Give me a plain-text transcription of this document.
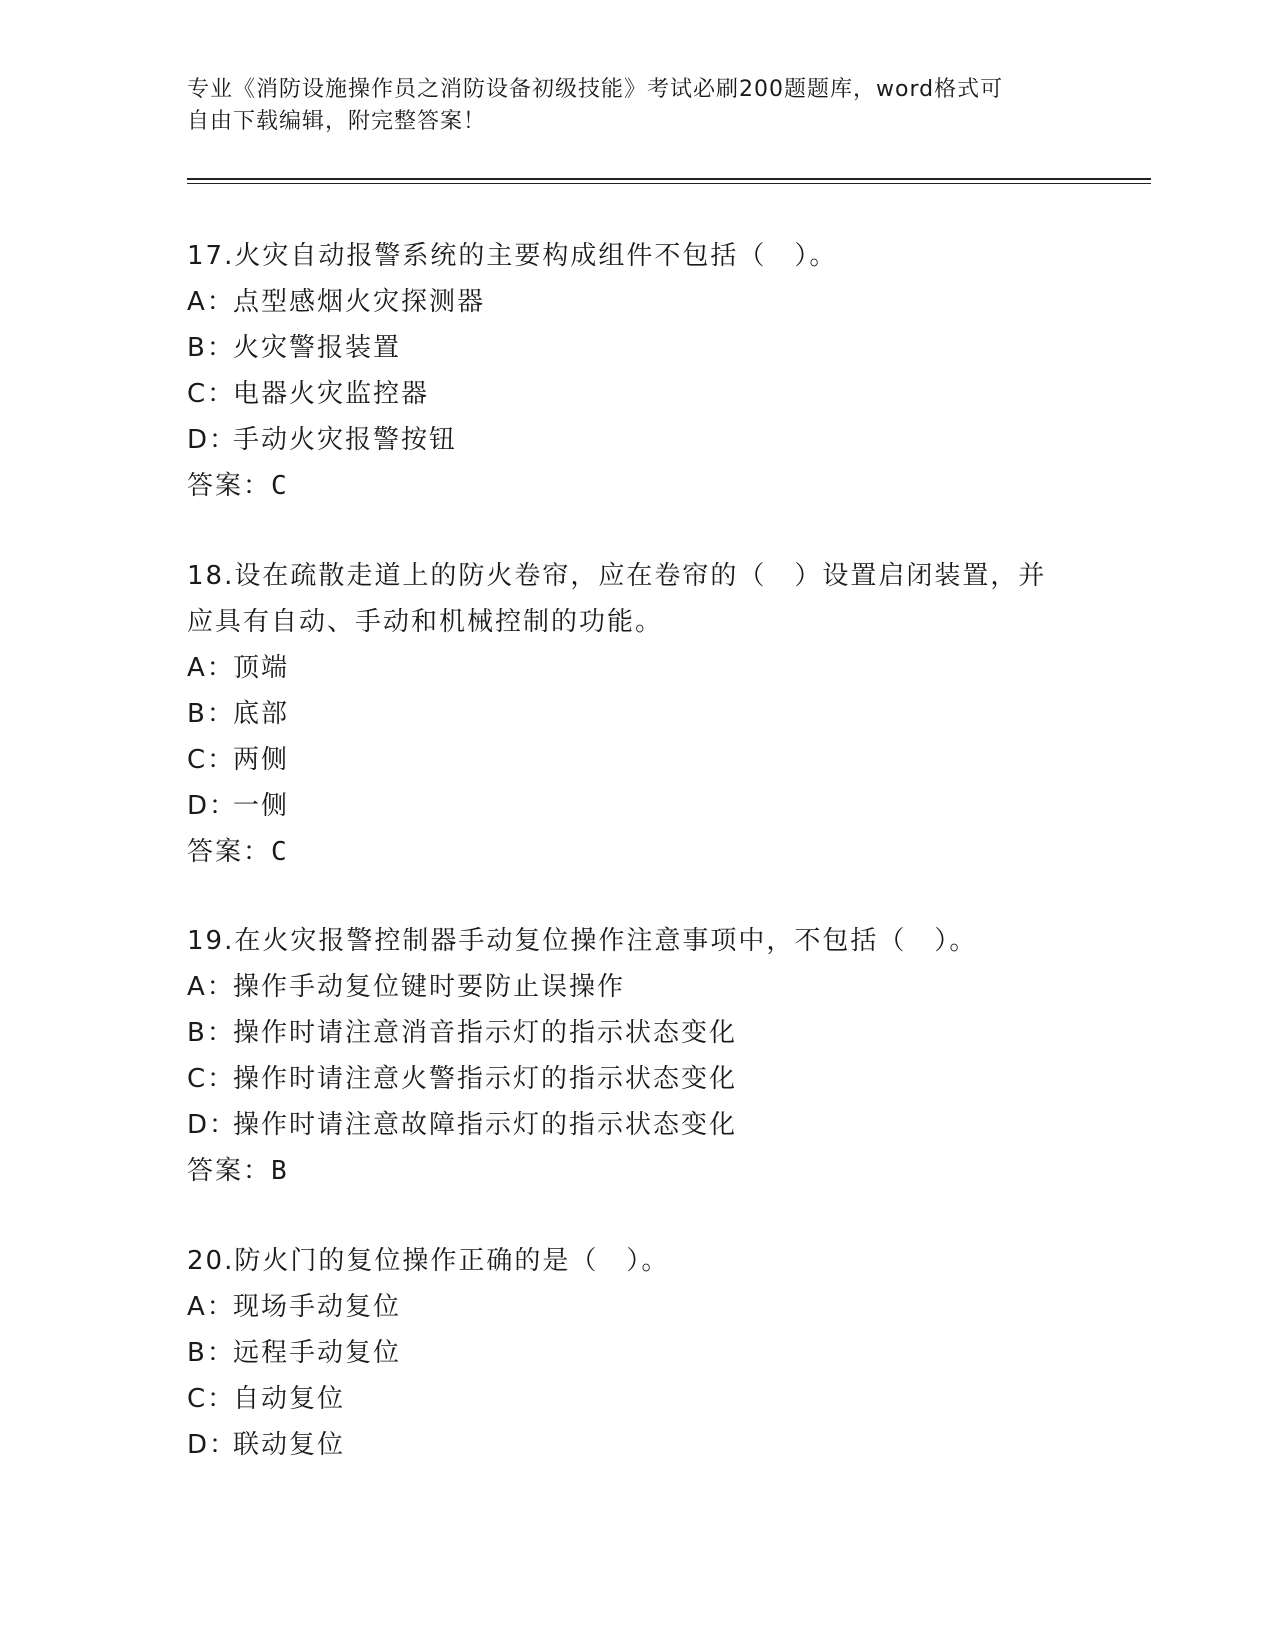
专业《消防设施操作员之消防设备初级技能》考试必刷200题题库，word格式可
自由下载编辑，附完整答案！
17.火灾自动报警系统的主要构成组件不包括（　）。
A：点型感烟火灾探测器
B：火灾警报装置
C：电器火灾监控器
D：手动火灾报警按钮
答案：C
18.设在疏散走道上的防火卷帘，应在卷帘的（　）设置启闭装置，并
应具有自动、手动和机械控制的功能。
A：顶端
B：底部
C：两侧
D：一侧
答案：C
19.在火灾报警控制器手动复位操作注意事项中，不包括（　）。
A：操作手动复位键时要防止误操作
B：操作时请注意消音指示灯的指示状态变化
C：操作时请注意火警指示灯的指示状态变化
D：操作时请注意故障指示灯的指示状态变化
答案：B
20.防火门的复位操作正确的是（　）。
A：现场手动复位
B：远程手动复位
C：自动复位
D：联动复位
